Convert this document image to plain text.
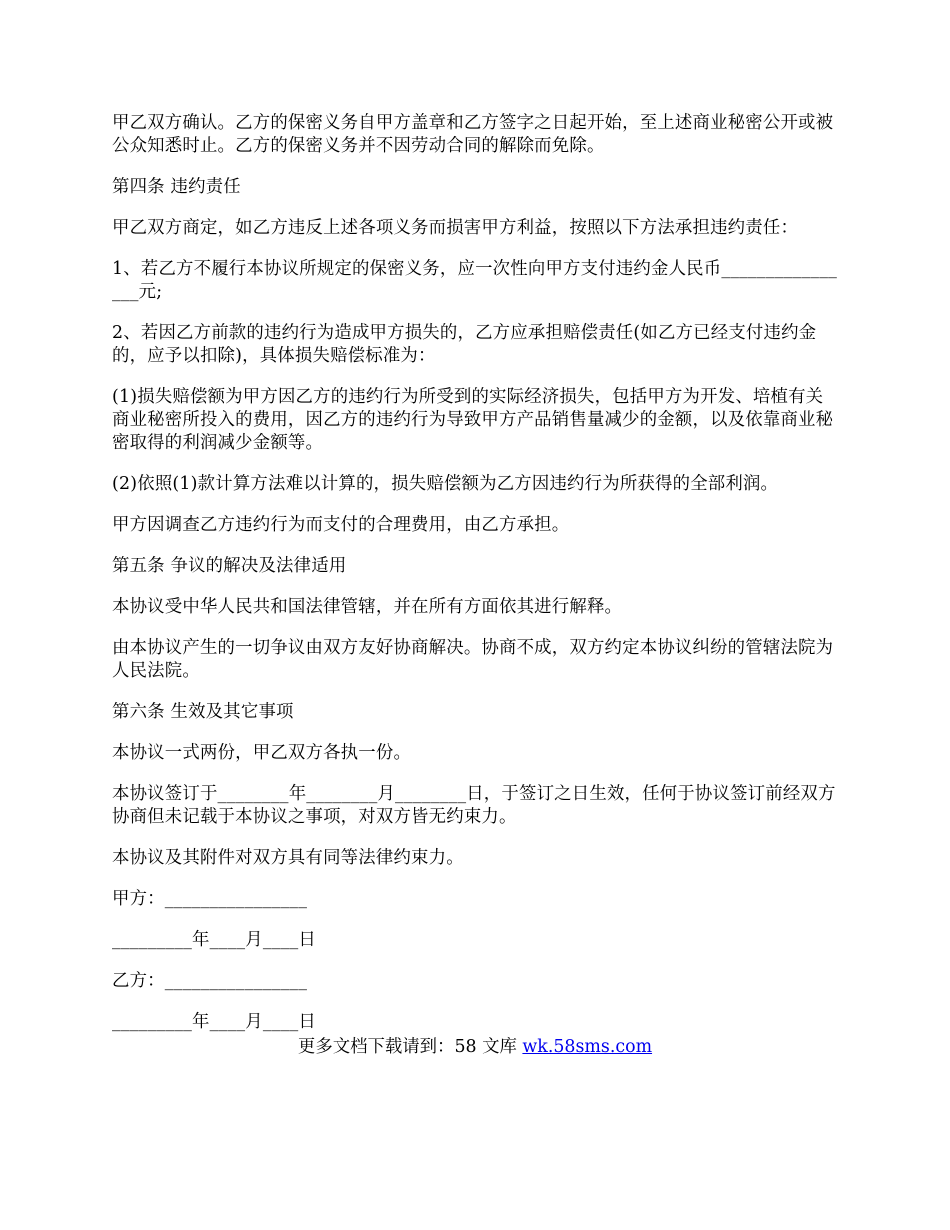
甲乙双方确认。乙方的保密义务自甲方盖章和乙方签字之日起开始，至上述商业秘密公开或被公众知悉时止。乙方的保密义务并不因劳动合同的解除而免除。

第四条 违约责任

甲乙双方商定，如乙方违反上述各项义务而损害甲方利益，按照以下方法承担违约责任：

1、若乙方不履行本协议所规定的保密义务，应一次性向甲方支付违约金人民币________________元;

2、若因乙方前款的违约行为造成甲方损失的，乙方应承担赔偿责任(如乙方已经支付违约金的，应予以扣除)，具体损失赔偿标准为：

(1)损失赔偿额为甲方因乙方的违约行为所受到的实际经济损失，包括甲方为开发、培植有关商业秘密所投入的费用，因乙方的违约行为导致甲方产品销售量减少的金额，以及依靠商业秘密取得的利润减少金额等。

(2)依照(1)款计算方法难以计算的，损失赔偿额为乙方因违约行为所获得的全部利润。

甲方因调查乙方违约行为而支付的合理费用，由乙方承担。

第五条 争议的解决及法律适用

本协议受中华人民共和国法律管辖，并在所有方面依其进行解释。

由本协议产生的一切争议由双方友好协商解决。协商不成，双方约定本协议纠纷的管辖法院为人民法院。

第六条 生效及其它事项

本协议一式两份，甲乙双方各执一份。

本协议签订于________年________月________日，于签订之日生效，任何于协议签订前经双方协商但未记载于本协议之事项，对双方皆无约束力。

本协议及其附件对双方具有同等法律约束力。

甲方：________________

_________年____月____日

乙方：________________

_________年____月____日

更多文档下载请到：58 文库 wk.58sms.com
